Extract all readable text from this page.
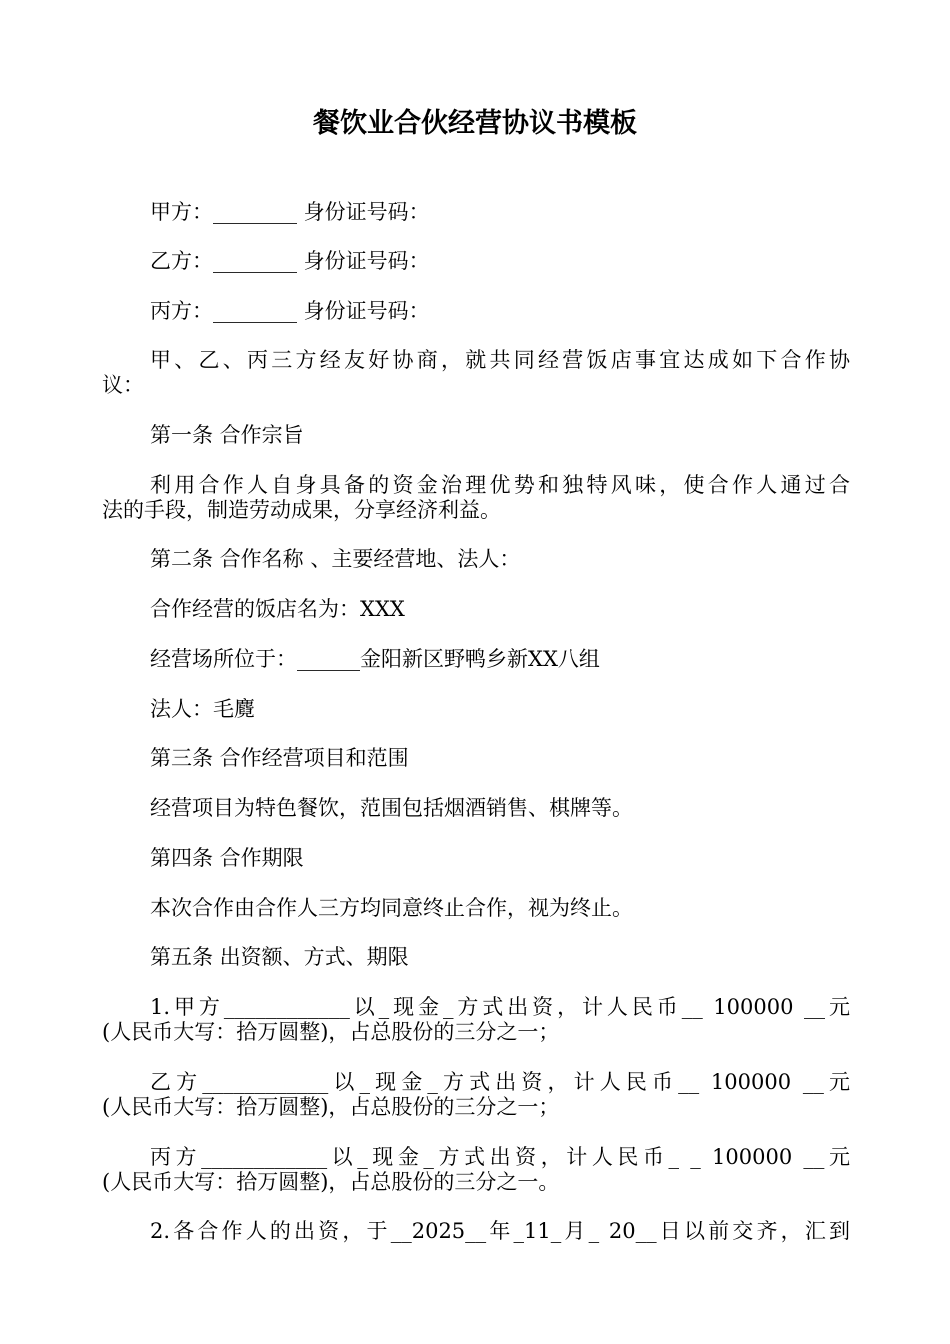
餐饮业合伙经营协议书模板

甲方：________ 身份证号码：

乙方：________ 身份证号码：

丙方：________ 身份证号码：

甲、乙、丙三方经友好协商，就共同经营饭店事宜达成如下合作协
议：

第一条 合作宗旨

利用合作人自身具备的资金治理优势和独特风味，使合作人通过合
法的手段，制造劳动成果，分享经济利益。

第二条 合作名称 、主要经营地、法人：

合作经营的饭店名为：XXX

经营场所位于：______金阳新区野鸭乡新XX八组

法人：毛麑

第三条 合作经营项目和范围

经营项目为特色餐饮，范围包括烟酒销售、棋牌等。

第四条 合作期限

本次合作由合作人三方均同意终止合作，视为终止。

第五条 出资额、方式、期限

1.甲方____________以_现金_方式出资，计人民币__ 100000 __元
(人民币大写：拾万圆整)，占总股份的三分之一；
乙方____________以_现金_方式出资，计人民币__ 100000 __元
(人民币大写：拾万圆整)，占总股份的三分之一；
丙方____________以_现金_方式出资，计人民币_ _ 100000 __元
(人民币大写：拾万圆整)，占总股份的三分之一。
2.各合作人的出资，于__2025__年_11_月_ 20__日以前交齐，汇到
